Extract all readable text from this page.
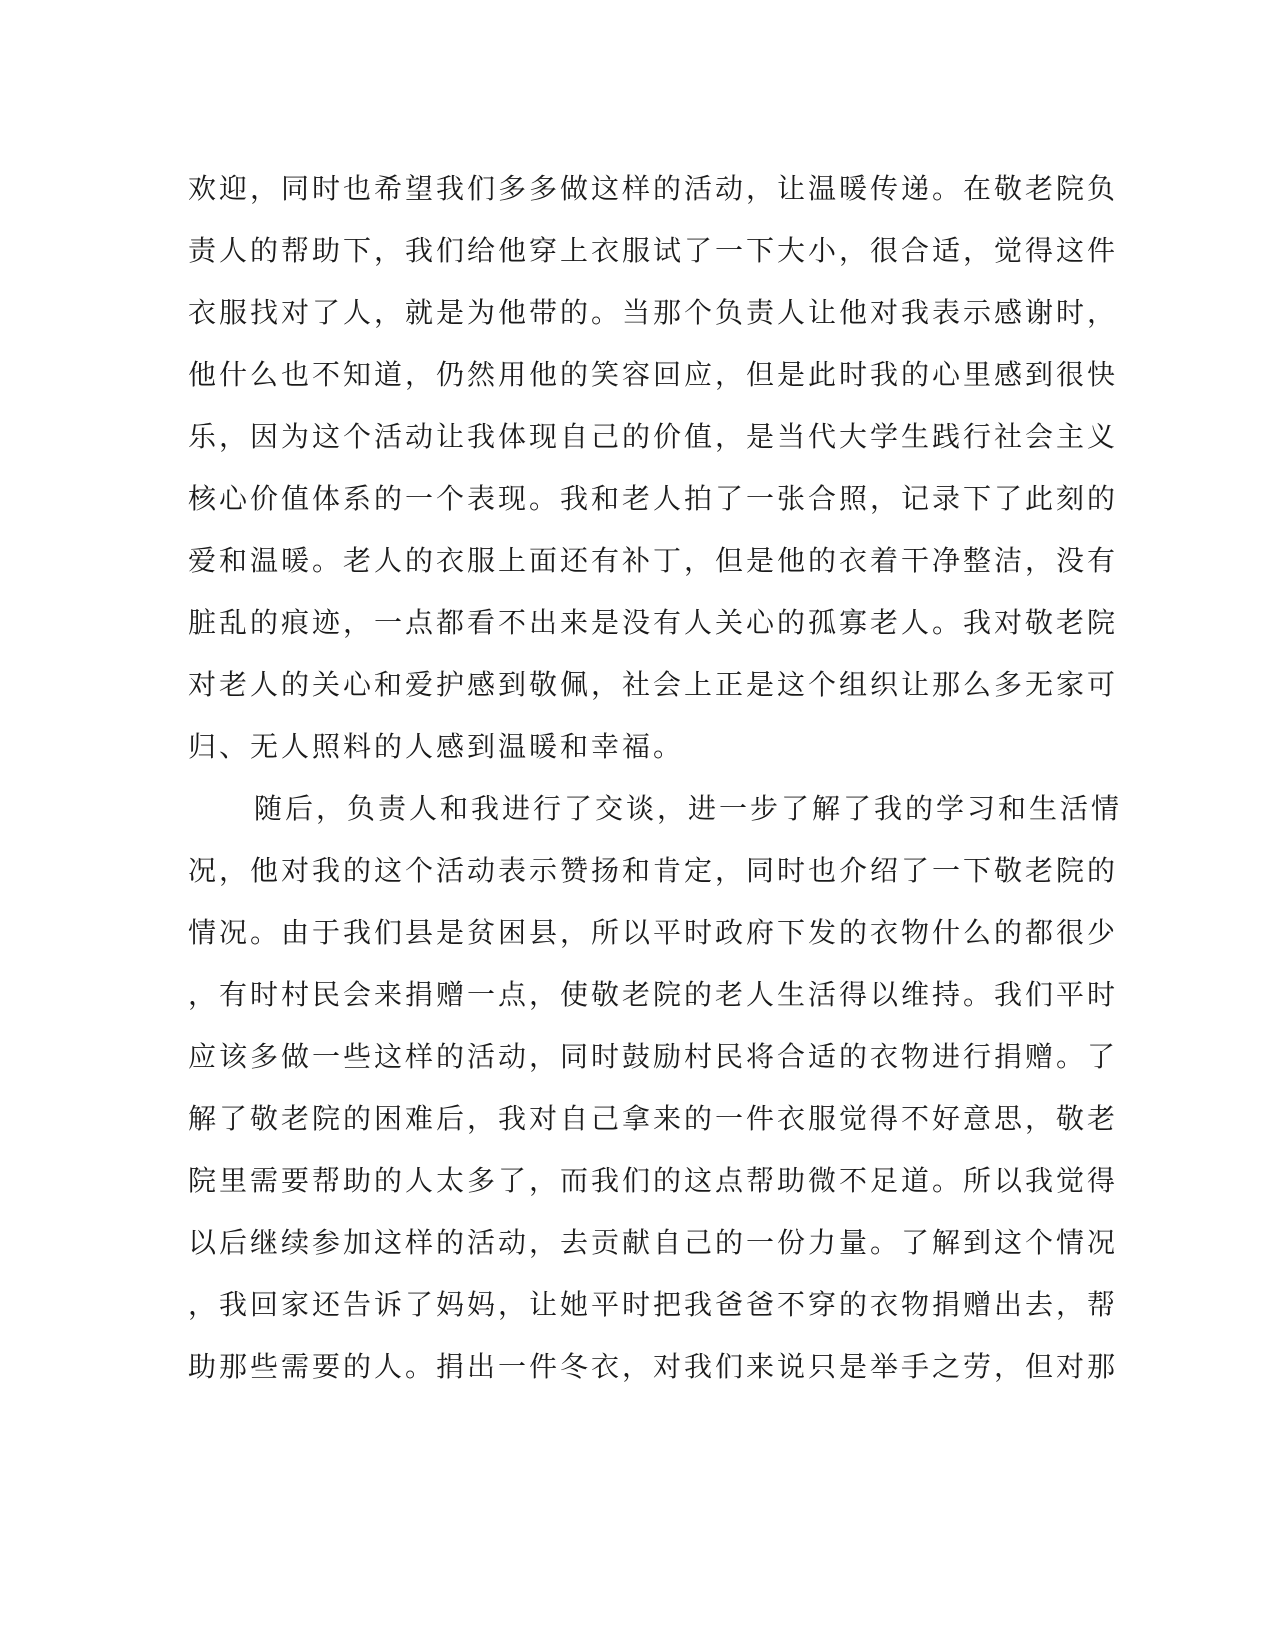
欢迎，同时也希望我们多多做这样的活动，让温暖传递。在敬老院负
责人的帮助下，我们给他穿上衣服试了一下大小，很合适，觉得这件
衣服找对了人，就是为他带的。当那个负责人让他对我表示感谢时，
他什么也不知道，仍然用他的笑容回应，但是此时我的心里感到很快
乐，因为这个活动让我体现自己的价值，是当代大学生践行社会主义
核心价值体系的一个表现。我和老人拍了一张合照，记录下了此刻的
爱和温暖。老人的衣服上面还有补丁，但是他的衣着干净整洁，没有
脏乱的痕迹，一点都看不出来是没有人关心的孤寡老人。我对敬老院
对老人的关心和爱护感到敬佩，社会上正是这个组织让那么多无家可
归、无人照料的人感到温暖和幸福。
随后，负责人和我进行了交谈，进一步了解了我的学习和生活情
况，他对我的这个活动表示赞扬和肯定，同时也介绍了一下敬老院的
情况。由于我们县是贫困县，所以平时政府下发的衣物什么的都很少
，有时村民会来捐赠一点，使敬老院的老人生活得以维持。我们平时
应该多做一些这样的活动，同时鼓励村民将合适的衣物进行捐赠。了
解了敬老院的困难后，我对自己拿来的一件衣服觉得不好意思，敬老
院里需要帮助的人太多了，而我们的这点帮助微不足道。所以我觉得
以后继续参加这样的活动，去贡献自己的一份力量。了解到这个情况
，我回家还告诉了妈妈，让她平时把我爸爸不穿的衣物捐赠出去，帮
助那些需要的人。捐出一件冬衣，对我们来说只是举手之劳，但对那
